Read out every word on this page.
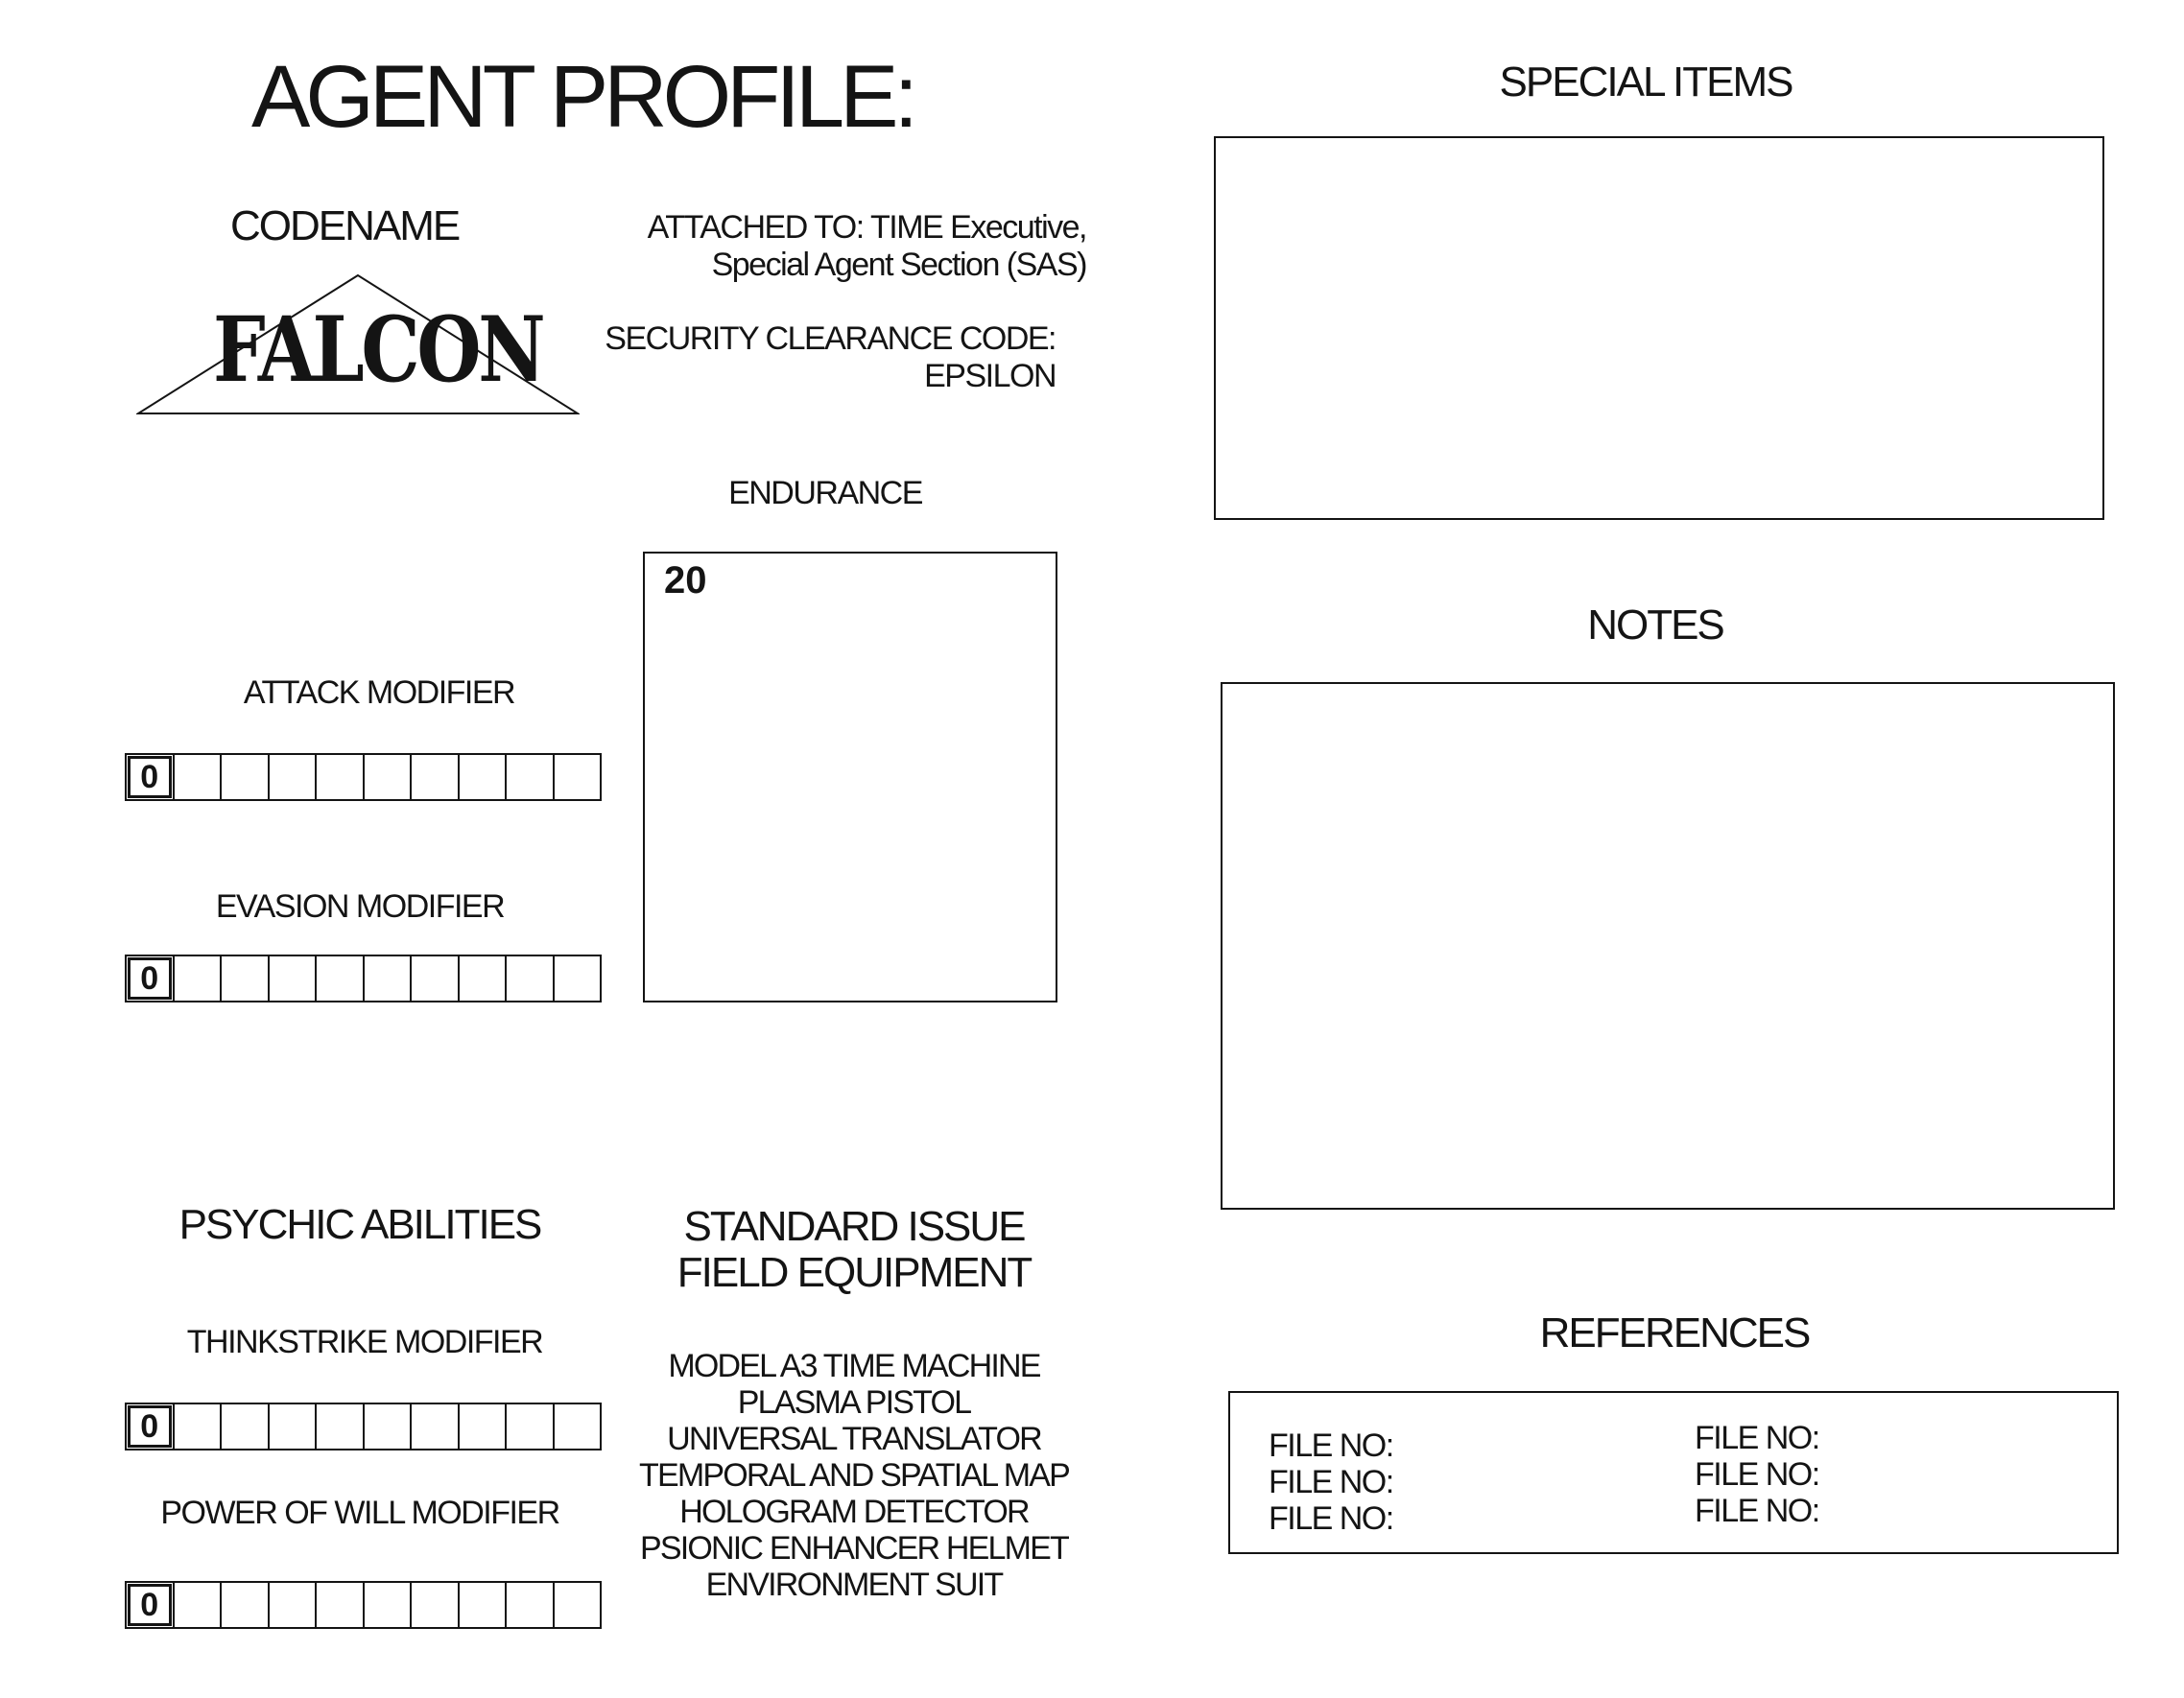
AGENT PROFILE:
CODENAME
FALCON
ATTACHED TO: TIME Executive,
Special Agent Section (SAS)
SECURITY CLEARANCE CODE:
EPSILON
ENDURANCE
20
ATTACK MODIFIER
0
EVASION MODIFIER
0
PSYCHIC ABILITIES
THINKSTRIKE MODIFIER
0
POWER OF WILL MODIFIER
0
STANDARD ISSUE
FIELD EQUIPMENT
MODEL A3 TIME MACHINE
PLASMA PISTOL
UNIVERSAL TRANSLATOR
TEMPORAL AND SPATIAL MAP
HOLOGRAM DETECTOR
PSIONIC ENHANCER HELMET
ENVIRONMENT SUIT
SPECIAL ITEMS
NOTES
REFERENCES
FILE NO:
FILE NO:
FILE NO:
FILE NO:
FILE NO:
FILE NO:
